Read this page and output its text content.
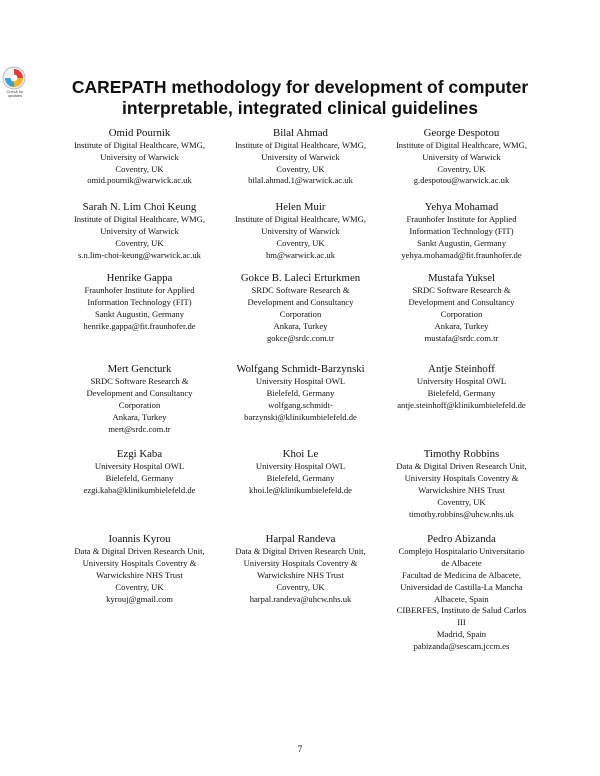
Check for updates	CAREPATH methodology for development of computer
interpretable, integrated clinical guidelines
Omid Pournik
Institute of Digital Healthcare, WMG,
University of Warwick
Coventry, UK
omid.pournik@warwick.ac.uk
Bilal Ahmad
Institute of Digital Healthcare, WMG,
University of Warwick
Coventry, UK
bilal.ahmad.1@warwick.ac.uk
George Despotou
Institute of Digital Healthcare, WMG,
University of Warwick
Coventry, UK
g.despotou@warwick.ac.uk
Sarah N. Lim Choi Keung
Institute of Digital Healthcare, WMG,
University of Warwick
Coventry, UK
s.n.lim-choi-keung@warwick.ac.uk
Helen Muir
Institute of Digital Healthcare, WMG,
University of Warwick
Coventry, UK
hm@warwick.ac.uk
Yehya Mohamad
Fraunhofer Institute for Applied
Information Technology (FIT)
Sankt Augustin, Germany
yehya.mohamad@fit.fraunhofer.de
Henrike Gappa
Fraunhofer Institute for Applied
Information Technology (FIT)
Sankt Augustin, Germany
henrike.gappa@fit.fraunhofer.de
Gokce B. Laleci Erturkmen
SRDC Software Research &
Development and Consultancy
Corporation
Ankara, Turkey
gokce@srdc.com.tr
Mustafa Yuksel
SRDC Software Research &
Development and Consultancy
Corporation
Ankara, Turkey
mustafa@srdc.com.tr
Mert Gencturk
SRDC Software Research &
Development and Consultancy
Corporation
Ankara, Turkey
mert@srdc.com.tr
Wolfgang Schmidt-Barzynski
University Hospital OWL
Bielefeld, Germany
wolfgang.schmidt-
barzynski@klinikumbielefeld.de
Antje Steinhoff
University Hospital OWL
Bielefeld, Germany
antje.steinhoff@klinikumbielefeld.de
Ezgi Kaba
University Hospital OWL
Bielefeld, Germany
ezgi.kaba@klinikumbielefeld.de
Khoi Le
University Hospital OWL
Bielefeld, Germany
khoi.le@klinikumbielefeld.de
Timothy Robbins
Data & Digital Driven Research Unit,
University Hospitals Coventry &
Warwickshire NHS Trust
Coventry, UK
timothy.robbins@uhcw.nhs.uk
Ioannis Kyrou
Data & Digital Driven Research Unit,
University Hospitals Coventry &
Warwickshire NHS Trust
Coventry, UK
kyrouj@gmail.com
Harpal Randeva
Data & Digital Driven Research Unit,
University Hospitals Coventry &
Warwickshire NHS Trust
Coventry, UK
harpal.randeva@uhcw.nhs.uk
Pedro Abizanda
Complejo Hospitalario Universitario
de Albacete
Facultad de Medicina de Albacete,
Universidad de Castilla-La Mancha
Albacete, Spain
CIBERFES, Instituto de Salud Carlos
III
Madrid, Spain
pabizanda@sescam.jccm.es
7
